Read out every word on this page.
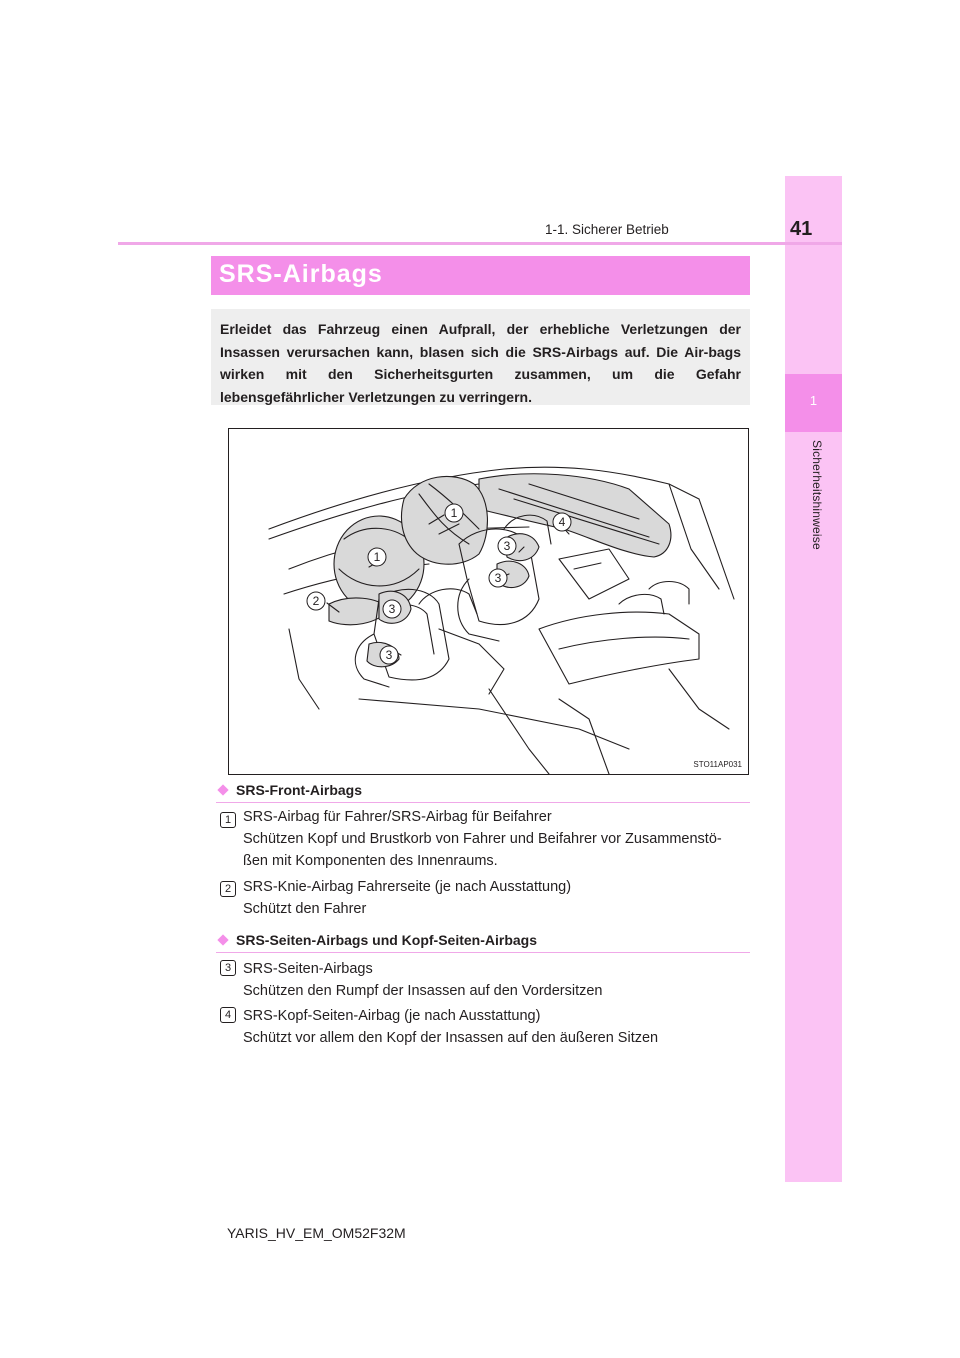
1
Sicherheitshinweise
1-1. Sicherer Betrieb	41
SRS-Airbags

Erleidet das Fahrzeug einen Aufprall, der erhebliche Verletzungen der Insassen verursachen kann, blasen sich die SRS-Airbags auf. Die Air-bags wirken mit den Sicherheitsgurten zusammen, um die Gefahr lebensgefährlicher Verletzungen zu verringern.

1
1
2
3
3
3
3
4
STO11AP031
SRS-Front-Airbags
1 SRS-Airbag für Fahrer/SRS-Airbag für Beifahrer
Schützen Kopf und Brustkorb von Fahrer und Beifahrer vor Zusammenstö-
ßen mit Komponenten des Innenraums.
2 SRS-Knie-Airbag Fahrerseite (je nach Ausstattung)
Schützt den Fahrer
SRS-Seiten-Airbags und Kopf-Seiten-Airbags
3 SRS-Seiten-Airbags
Schützen den Rumpf der Insassen auf den Vordersitzen
4 SRS-Kopf-Seiten-Airbag (je nach Ausstattung)
Schützt vor allem den Kopf der Insassen auf den äußeren Sitzen
YARIS_HV_EM_OM52F32M
